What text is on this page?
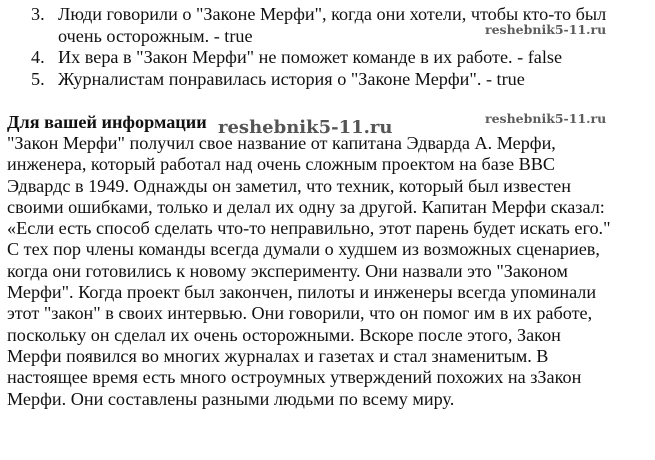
3. Люди говорили о "Законе Мерфи", когда они хотели, чтобы кто-то был
очень осторожным. - true
4. Их вера в "Закон Мерфи" не поможет команде в их работе. - false
5. Журналистам понравилась история о "Законе Мерфи". - true
reshebnik5-11.ru
reshebnik5-11.ru
Для вашей информации reshebnik5-11.ru
"Закон Мерфи" получил свое название от капитана Эдварда А. Мерфи,
инженера, который работал над очень сложным проектом на базе ВВС
Эдвардс в 1949. Однажды он заметил, что техник, который был известен
своими ошибками, только и делал их одну за другой. Капитан Мерфи сказал:
«Если есть способ сделать что-то неправильно, этот парень будет искать его."
С тех пор члены команды всегда думали о худшем из возможных сценариев,
когда они готовились к новому эксперименту. Они назвали это "Законом
Мерфи". Когда проект был закончен, пилоты и инженеры всегда упоминали
этот "закон" в своих интервью. Они говорили, что он помог им в их работе,
поскольку он сделал их очень осторожными. Вскоре после этого, Закон
Мерфи появился во многих журналах и газетах и стал знаменитым. В
настоящее время есть много остроумных утверждений похожих на зЗакон
Мерфи. Они составлены разными людьми по всему миру.
